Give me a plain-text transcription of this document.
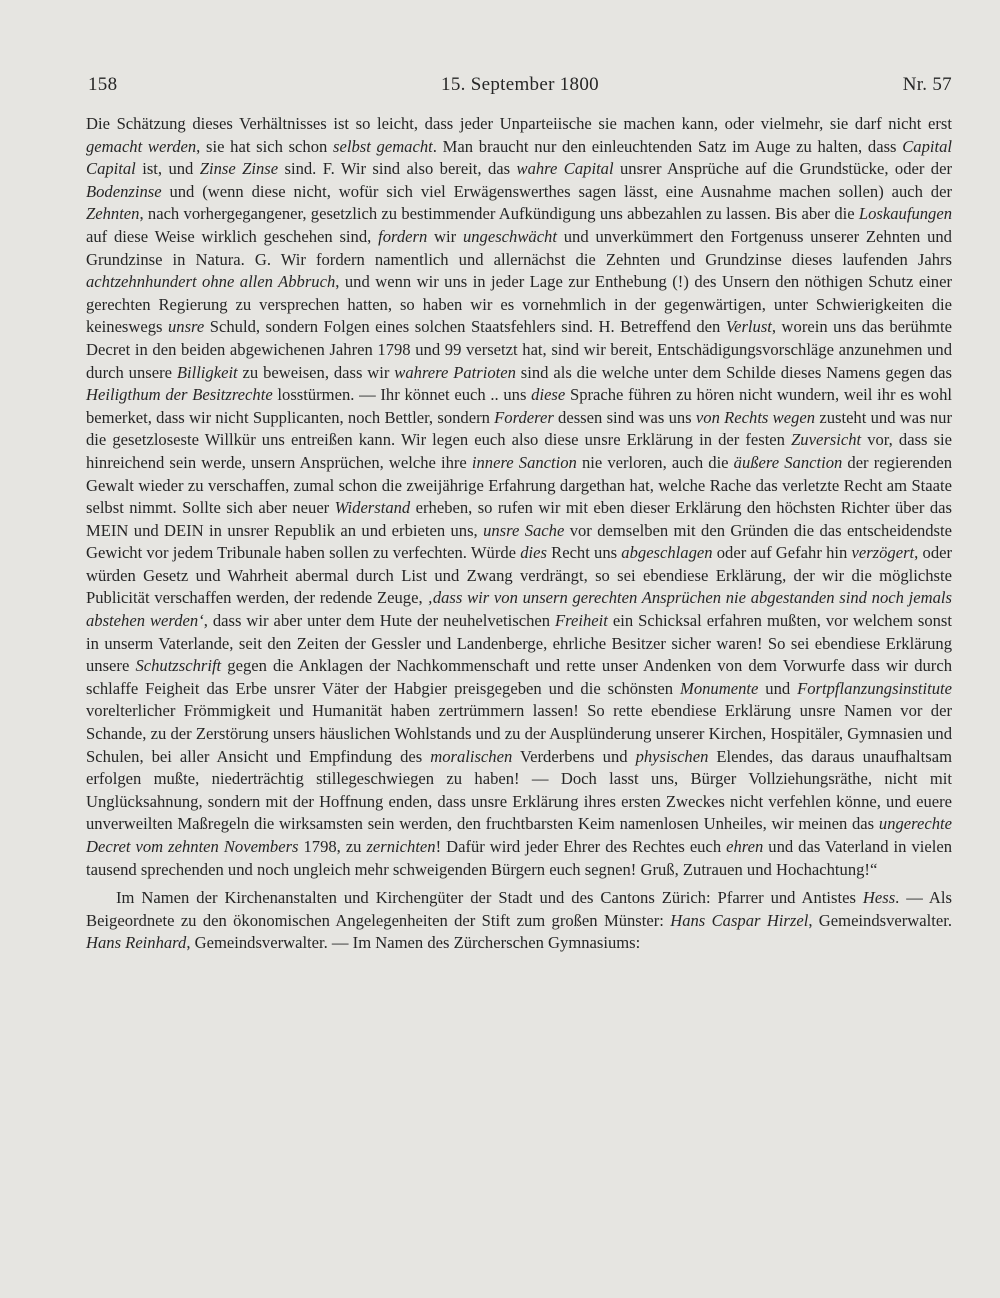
158	15. September 1800	Nr. 57

Die Schätzung dieses Verhältnisses ist so leicht, dass jeder Unparteiische sie machen kann, oder vielmehr, sie darf nicht erst gemacht werden, sie hat sich schon selbst gemacht. Man braucht nur den einleuchtenden Satz im Auge zu halten, dass Capital Capital ist, und Zinse Zinse sind. F. Wir sind also bereit, das wahre Capital unsrer Ansprüche auf die Grundstücke, oder der Bodenzinse und (wenn diese nicht, wofür sich viel Erwägenswerthes sagen lässt, eine Ausnahme machen sollen) auch der Zehnten, nach vorhergegangener, gesetzlich zu bestimmender Aufkündigung uns abbezahlen zu lassen. Bis aber die Loskaufungen auf diese Weise wirklich geschehen sind, fordern wir ungeschwächt und unverkümmert den Fortgenuss unserer Zehnten und Grundzinse in Natura. G. Wir fordern namentlich und allernächst die Zehnten und Grundzinse dieses laufenden Jahrs achtzehnhundert ohne allen Abbruch, und wenn wir uns in jeder Lage zur Enthebung (!) des Unsern den nöthigen Schutz einer gerechten Regierung zu versprechen hatten, so haben wir es vornehmlich in der gegenwärtigen, unter Schwierigkeiten die keineswegs unsre Schuld, sondern Folgen eines solchen Staatsfehlers sind. H. Betreffend den Verlust, worein uns das berühmte Decret in den beiden abgewichenen Jahren 1798 und 99 versetzt hat, sind wir bereit, Entschädigungsvorschläge anzunehmen und durch unsere Billigkeit zu beweisen, dass wir wahrere Patrioten sind als die welche unter dem Schilde dieses Namens gegen das Heiligthum der Besitzrechte losstürmen. — Ihr könnet euch .. uns diese Sprache führen zu hören nicht wundern, weil ihr es wohl bemerket, dass wir nicht Supplicanten, noch Bettler, sondern Forderer dessen sind was uns von Rechts wegen zusteht und was nur die gesetzloseste Willkür uns entreißen kann. Wir legen euch also diese unsre Erklärung in der festen Zuversicht vor, dass sie hinreichend sein werde, unsern Ansprüchen, welche ihre innere Sanction nie verloren, auch die äußere Sanction der regierenden Gewalt wieder zu verschaffen, zumal schon die zweijährige Erfahrung dargethan hat, welche Rache das verletzte Recht am Staate selbst nimmt. Sollte sich aber neuer Widerstand erheben, so rufen wir mit eben dieser Erklärung den höchsten Richter über das MEIN und DEIN in unsrer Republik an und erbieten uns, unsre Sache vor demselben mit den Gründen die das entscheidendste Gewicht vor jedem Tribunale haben sollen zu verfechten. Würde dies Recht uns abgeschlagen oder auf Gefahr hin verzögert, oder würden Gesetz und Wahrheit abermal durch List und Zwang verdrängt, so sei ebendiese Erklärung, der wir die möglichste Publicität verschaffen werden, der redende Zeuge, ‚dass wir von unsern gerechten Ansprüchen nie abgestanden sind noch jemals abstehen werden‘, dass wir aber unter dem Hute der neuhelvetischen Freiheit ein Schicksal erfahren mußten, vor welchem sonst in unserm Vaterlande, seit den Zeiten der Gessler und Landenberge, ehrliche Besitzer sicher waren! So sei ebendiese Erklärung unsere Schutzschrift gegen die Anklagen der Nachkommenschaft und rette unser Andenken von dem Vorwurfe dass wir durch schlaffe Feigheit das Erbe unsrer Väter der Habgier preisgegeben und die schönsten Monumente und Fortpflanzungsinstitute vorelterlicher Frömmigkeit und Humanität haben zertrümmern lassen! So rette ebendiese Erklärung unsre Namen vor der Schande, zu der Zerstörung unsers häuslichen Wohlstands und zu der Ausplünderung unserer Kirchen, Hospitäler, Gymnasien und Schulen, bei aller Ansicht und Empfindung des moralischen Verderbens und physischen Elendes, das daraus unaufhaltsam erfolgen mußte, niederträchtig stillegeschwiegen zu haben! — Doch lasst uns, Bürger Vollziehungsräthe, nicht mit Unglücksahnung, sondern mit der Hoffnung enden, dass unsre Erklärung ihres ersten Zweckes nicht verfehlen könne, und euere unverweilten Maßregeln die wirksamsten sein werden, den fruchtbarsten Keim namenlosen Unheiles, wir meinen das ungerechte Decret vom zehnten Novembers 1798, zu zernichten! Dafür wird jeder Ehrer des Rechtes euch ehren und das Vaterland in vielen tausend sprechenden und noch ungleich mehr schweigenden Bürgern euch segnen! Gruß, Zutrauen und Hochachtung!“

Im Namen der Kirchenanstalten und Kirchengüter der Stadt und des Cantons Zürich: Pfarrer und Antistes Hess. — Als Beigeordnete zu den ökonomischen Angelegenheiten der Stift zum großen Münster: Hans Caspar Hirzel, Gemeindsverwalter. Hans Reinhard, Gemeindsverwalter. — Im Namen des Zürcherschen Gymnasiums:
